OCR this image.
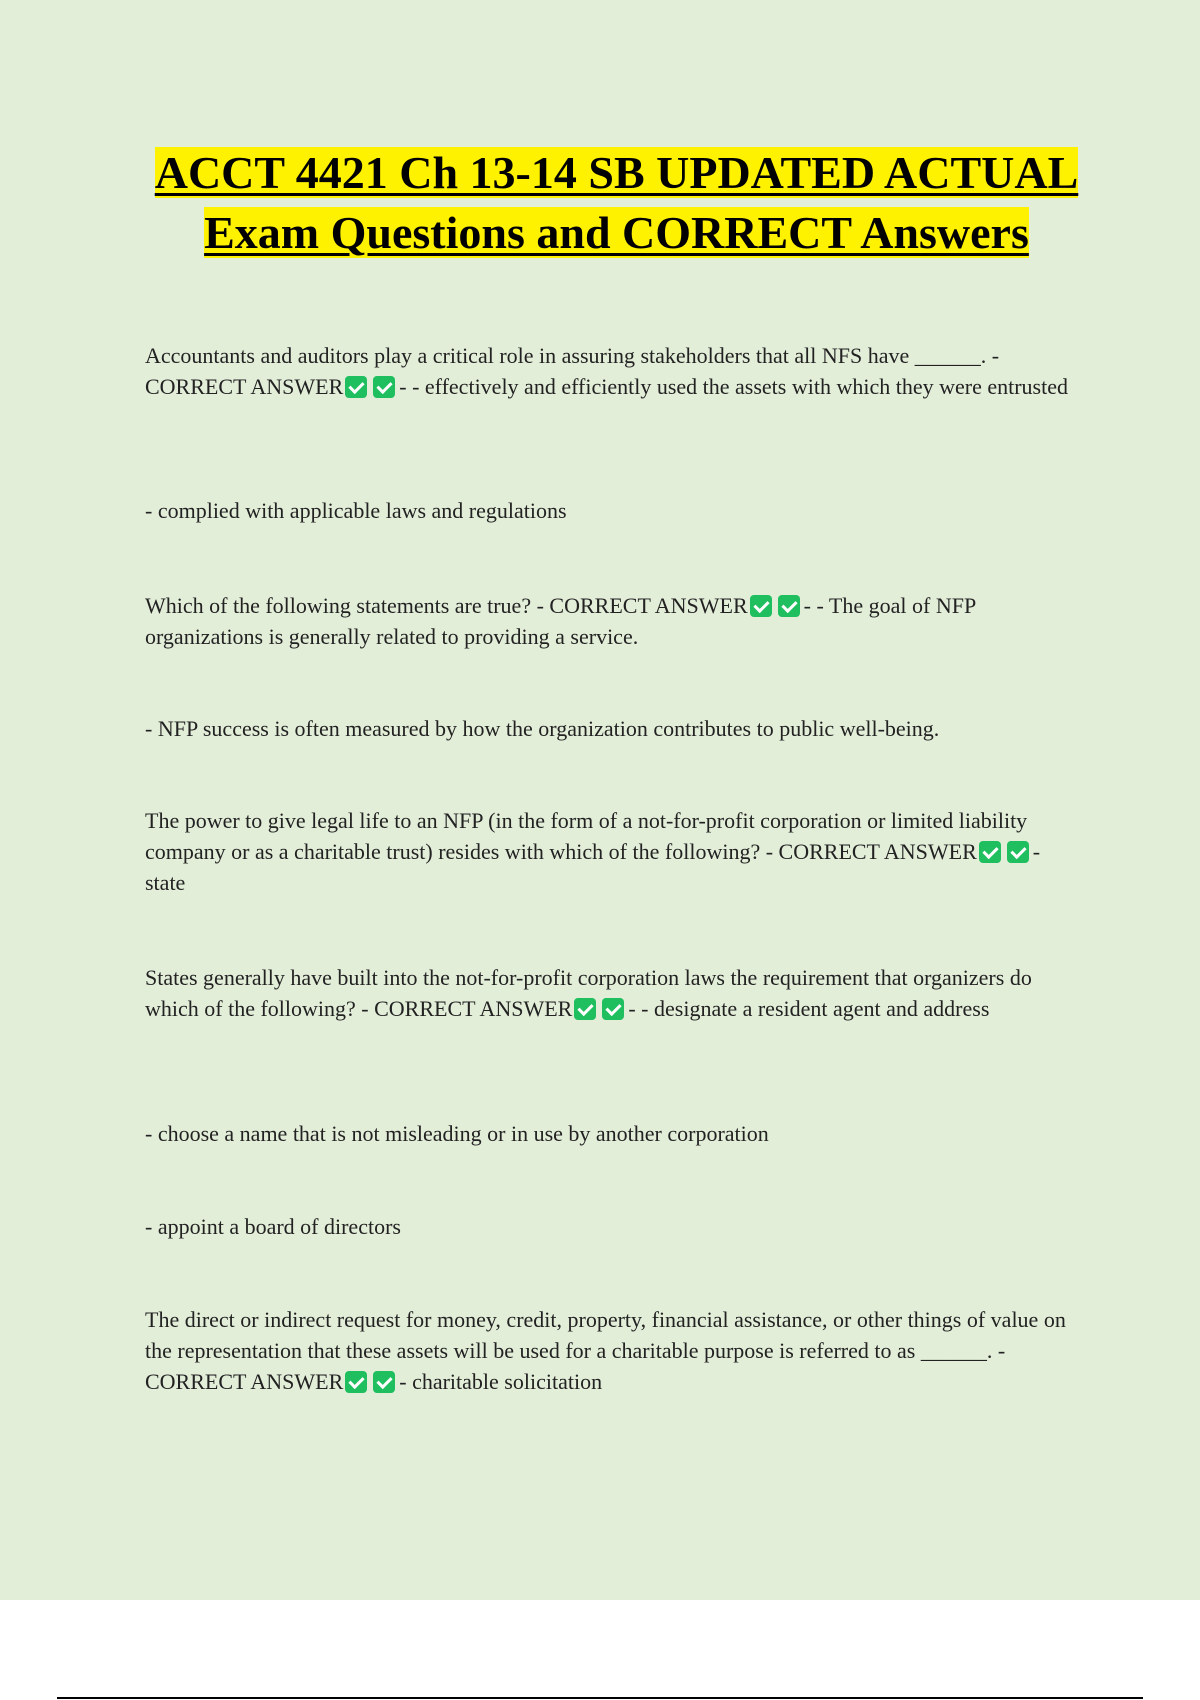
ACCT 4421 Ch 13-14 SB UPDATED ACTUAL Exam Questions and CORRECT Answers

Accountants and auditors play a critical role in assuring stakeholders that all NFS have ______. - CORRECT ANSWER	- - effectively and efficiently used the assets with which they were entrusted

- complied with applicable laws and regulations

Which of the following statements are true? - CORRECT ANSWER	- - The goal of NFP organizations is generally related to providing a service.

- NFP success is often measured by how the organization contributes to public well-being.

The power to give legal life to an NFP (in the form of a not-for-profit corporation or limited liability company or as a charitable trust) resides with which of the following? - CORRECT ANSWER	- state

States generally have built into the not-for-profit corporation laws the requirement that organizers do which of the following? - CORRECT ANSWER	- - designate a resident agent and address

- choose a name that is not misleading or in use by another corporation

- appoint a board of directors

The direct or indirect request for money, credit, property, financial assistance, or other things of value on the representation that these assets will be used for a charitable purpose is referred to as ______. - CORRECT ANSWER	- charitable solicitation
